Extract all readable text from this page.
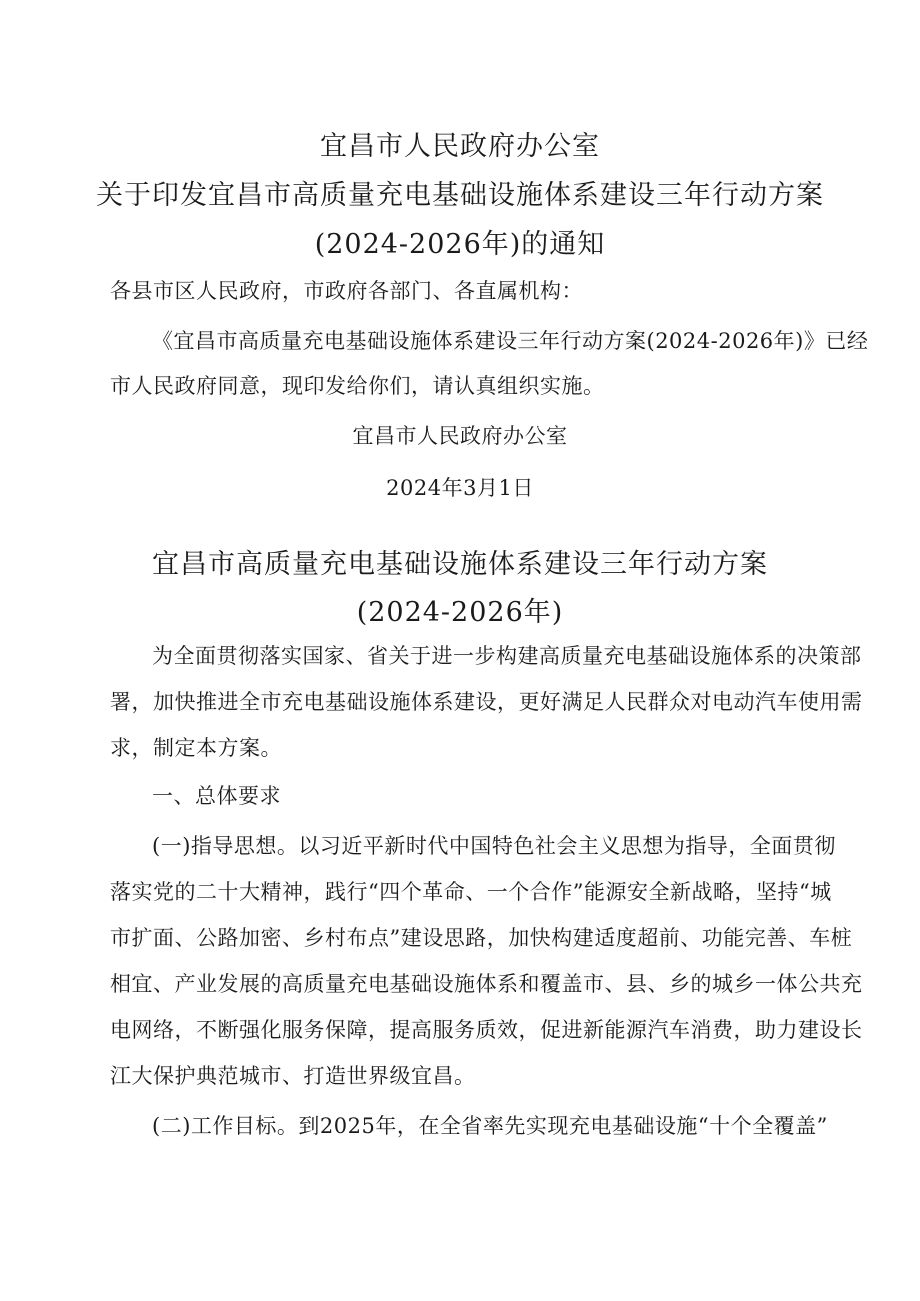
宜昌市人民政府办公室
关于印发宜昌市高质量充电基础设施体系建设三年行动方案
(2024-2026年)的通知
各县市区人民政府，市政府各部门、各直属机构：
《宜昌市高质量充电基础设施体系建设三年行动方案(2024-2026年)》已经
市人民政府同意，现印发给你们，请认真组织实施。
宜昌市人民政府办公室
2024年3月1日
宜昌市高质量充电基础设施体系建设三年行动方案
(2024-2026年)
为全面贯彻落实国家、省关于进一步构建高质量充电基础设施体系的决策部
署，加快推进全市充电基础设施体系建设，更好满足人民群众对电动汽车使用需
求，制定本方案。
一、总体要求
(一)指导思想。以习近平新时代中国特色社会主义思想为指导，全面贯彻
落实党的二十大精神，践行“四个革命、一个合作”能源安全新战略，坚持“城
市扩面、公路加密、乡村布点”建设思路，加快构建适度超前、功能完善、车桩
相宜、产业发展的高质量充电基础设施体系和覆盖市、县、乡的城乡一体公共充
电网络，不断强化服务保障，提高服务质效，促进新能源汽车消费，助力建设长
江大保护典范城市、打造世界级宜昌。
(二)工作目标。到2025年，在全省率先实现充电基础设施“十个全覆盖”
